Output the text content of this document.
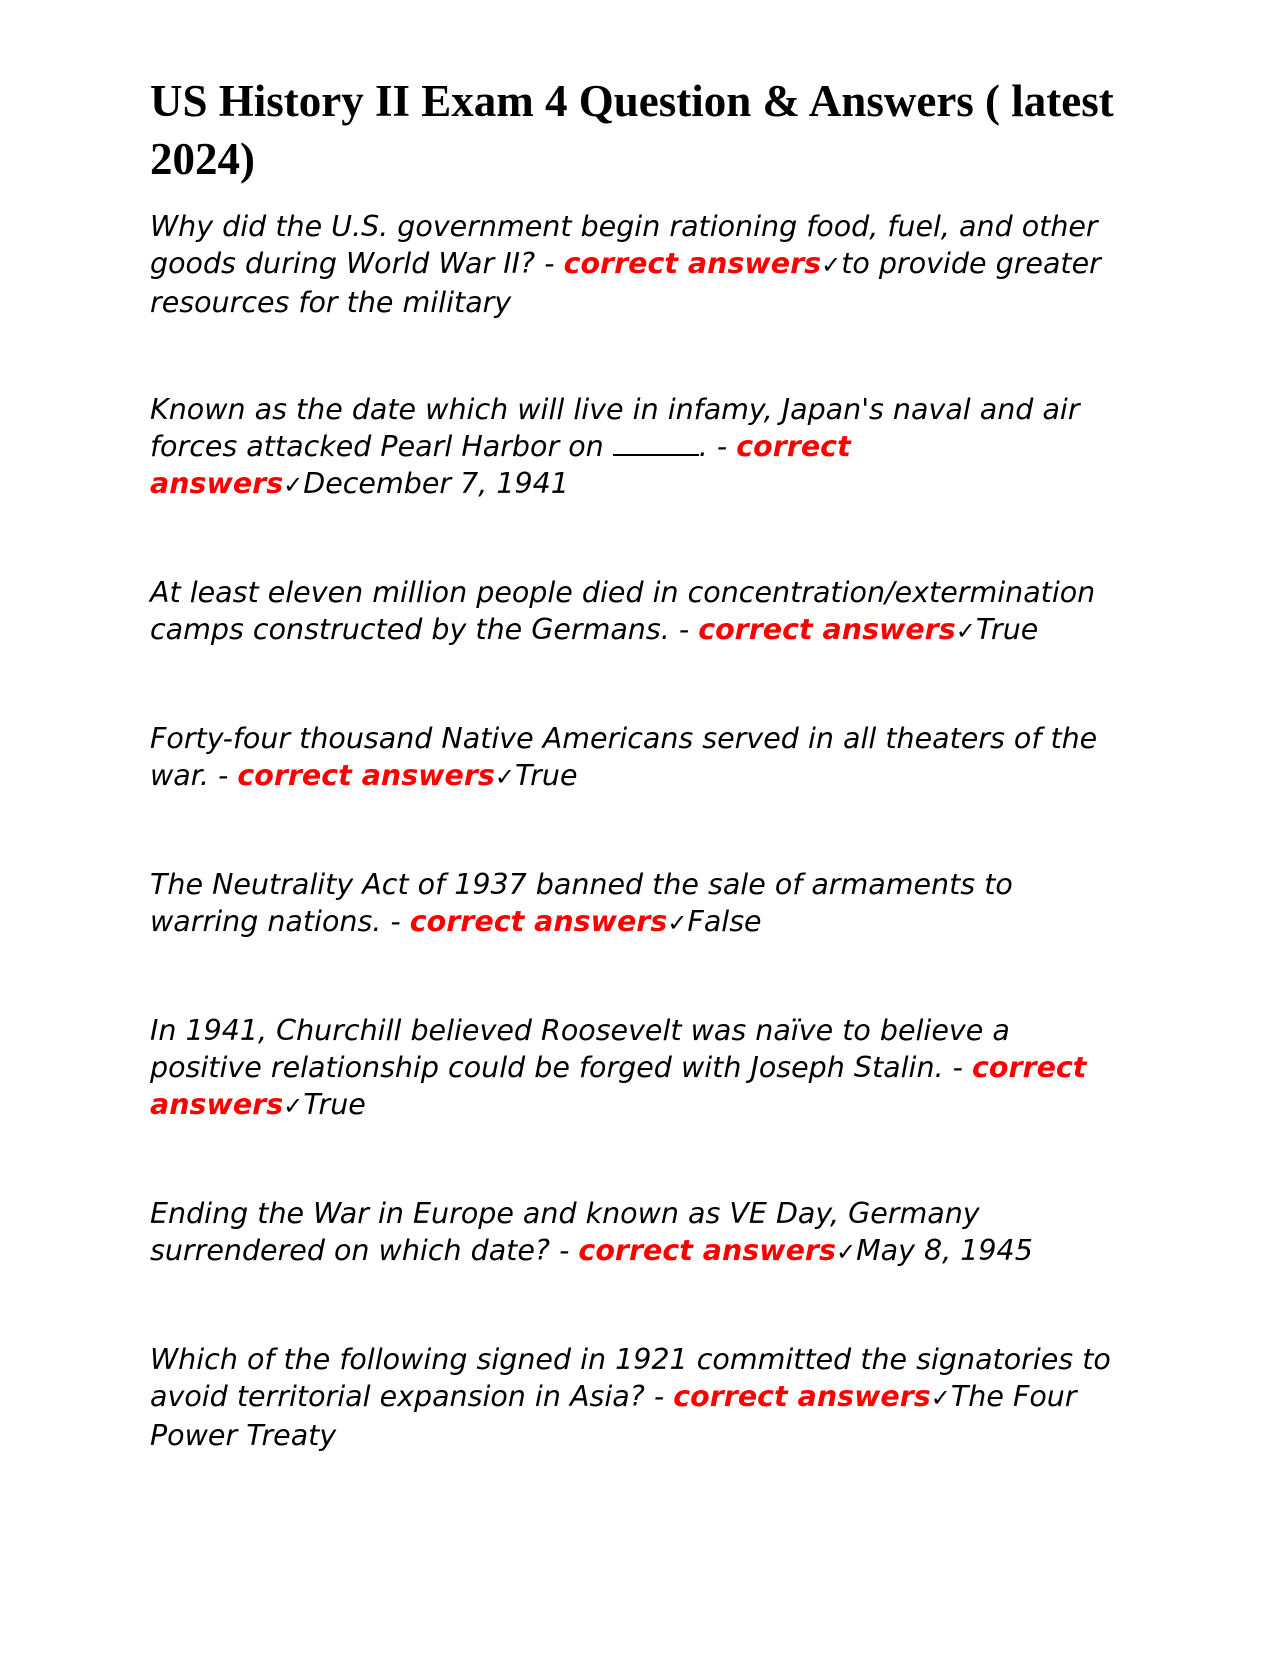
US History II Exam 4 Question & Answers ( latest 2024)

Why did the U.S. government begin rationing food, fuel, and other goods during World War II? - correct answers✓to provide greater resources for the military

Known as the date which will live in infamy, Japan's naval and air forces attacked Pearl Harbor on	. - correct answers✓December 7, 1941

At least eleven million people died in concentration/extermination camps constructed by the Germans. - correct answers✓True

Forty-four thousand Native Americans served in all theaters of the war. - correct answers✓True

The Neutrality Act of 1937 banned the sale of armaments to warring nations. - correct answers✓False

In 1941, Churchill believed Roosevelt was naïve to believe a positive relationship could be forged with Joseph Stalin. - correct answers✓True

Ending the War in Europe and known as VE Day, Germany surrendered on which date? - correct answers✓May 8, 1945

Which of the following signed in 1921 committed the signatories to avoid territorial expansion in Asia? - correct answers✓The Four Power Treaty
